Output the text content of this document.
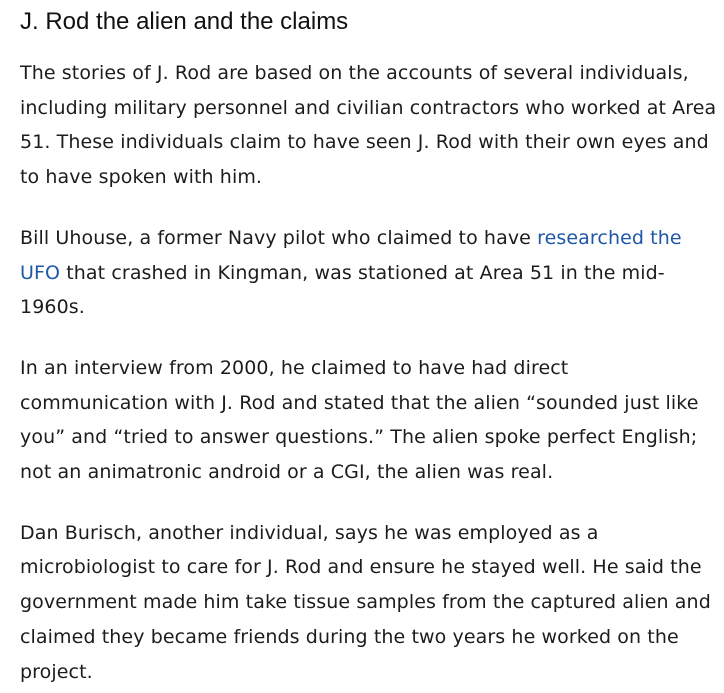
J. Rod the alien and the claims

The stories of J. Rod are based on the accounts of several individuals, including military personnel and civilian contractors who worked at Area 51. These individuals claim to have seen J. Rod with their own eyes and to have spoken with him.

Bill Uhouse, a former Navy pilot who claimed to have researched the UFO that crashed in Kingman, was stationed at Area 51 in the mid-1960s.

In an interview from 2000, he claimed to have had direct communication with J. Rod and stated that the alien “sounded just like you” and “tried to answer questions.” The alien spoke perfect English; not an animatronic android or a CGI, the alien was real.

Dan Burisch, another individual, says he was employed as a microbiologist to care for J. Rod and ensure he stayed well. He said the government made him take tissue samples from the captured alien and claimed they became friends during the two years he worked on the project.
